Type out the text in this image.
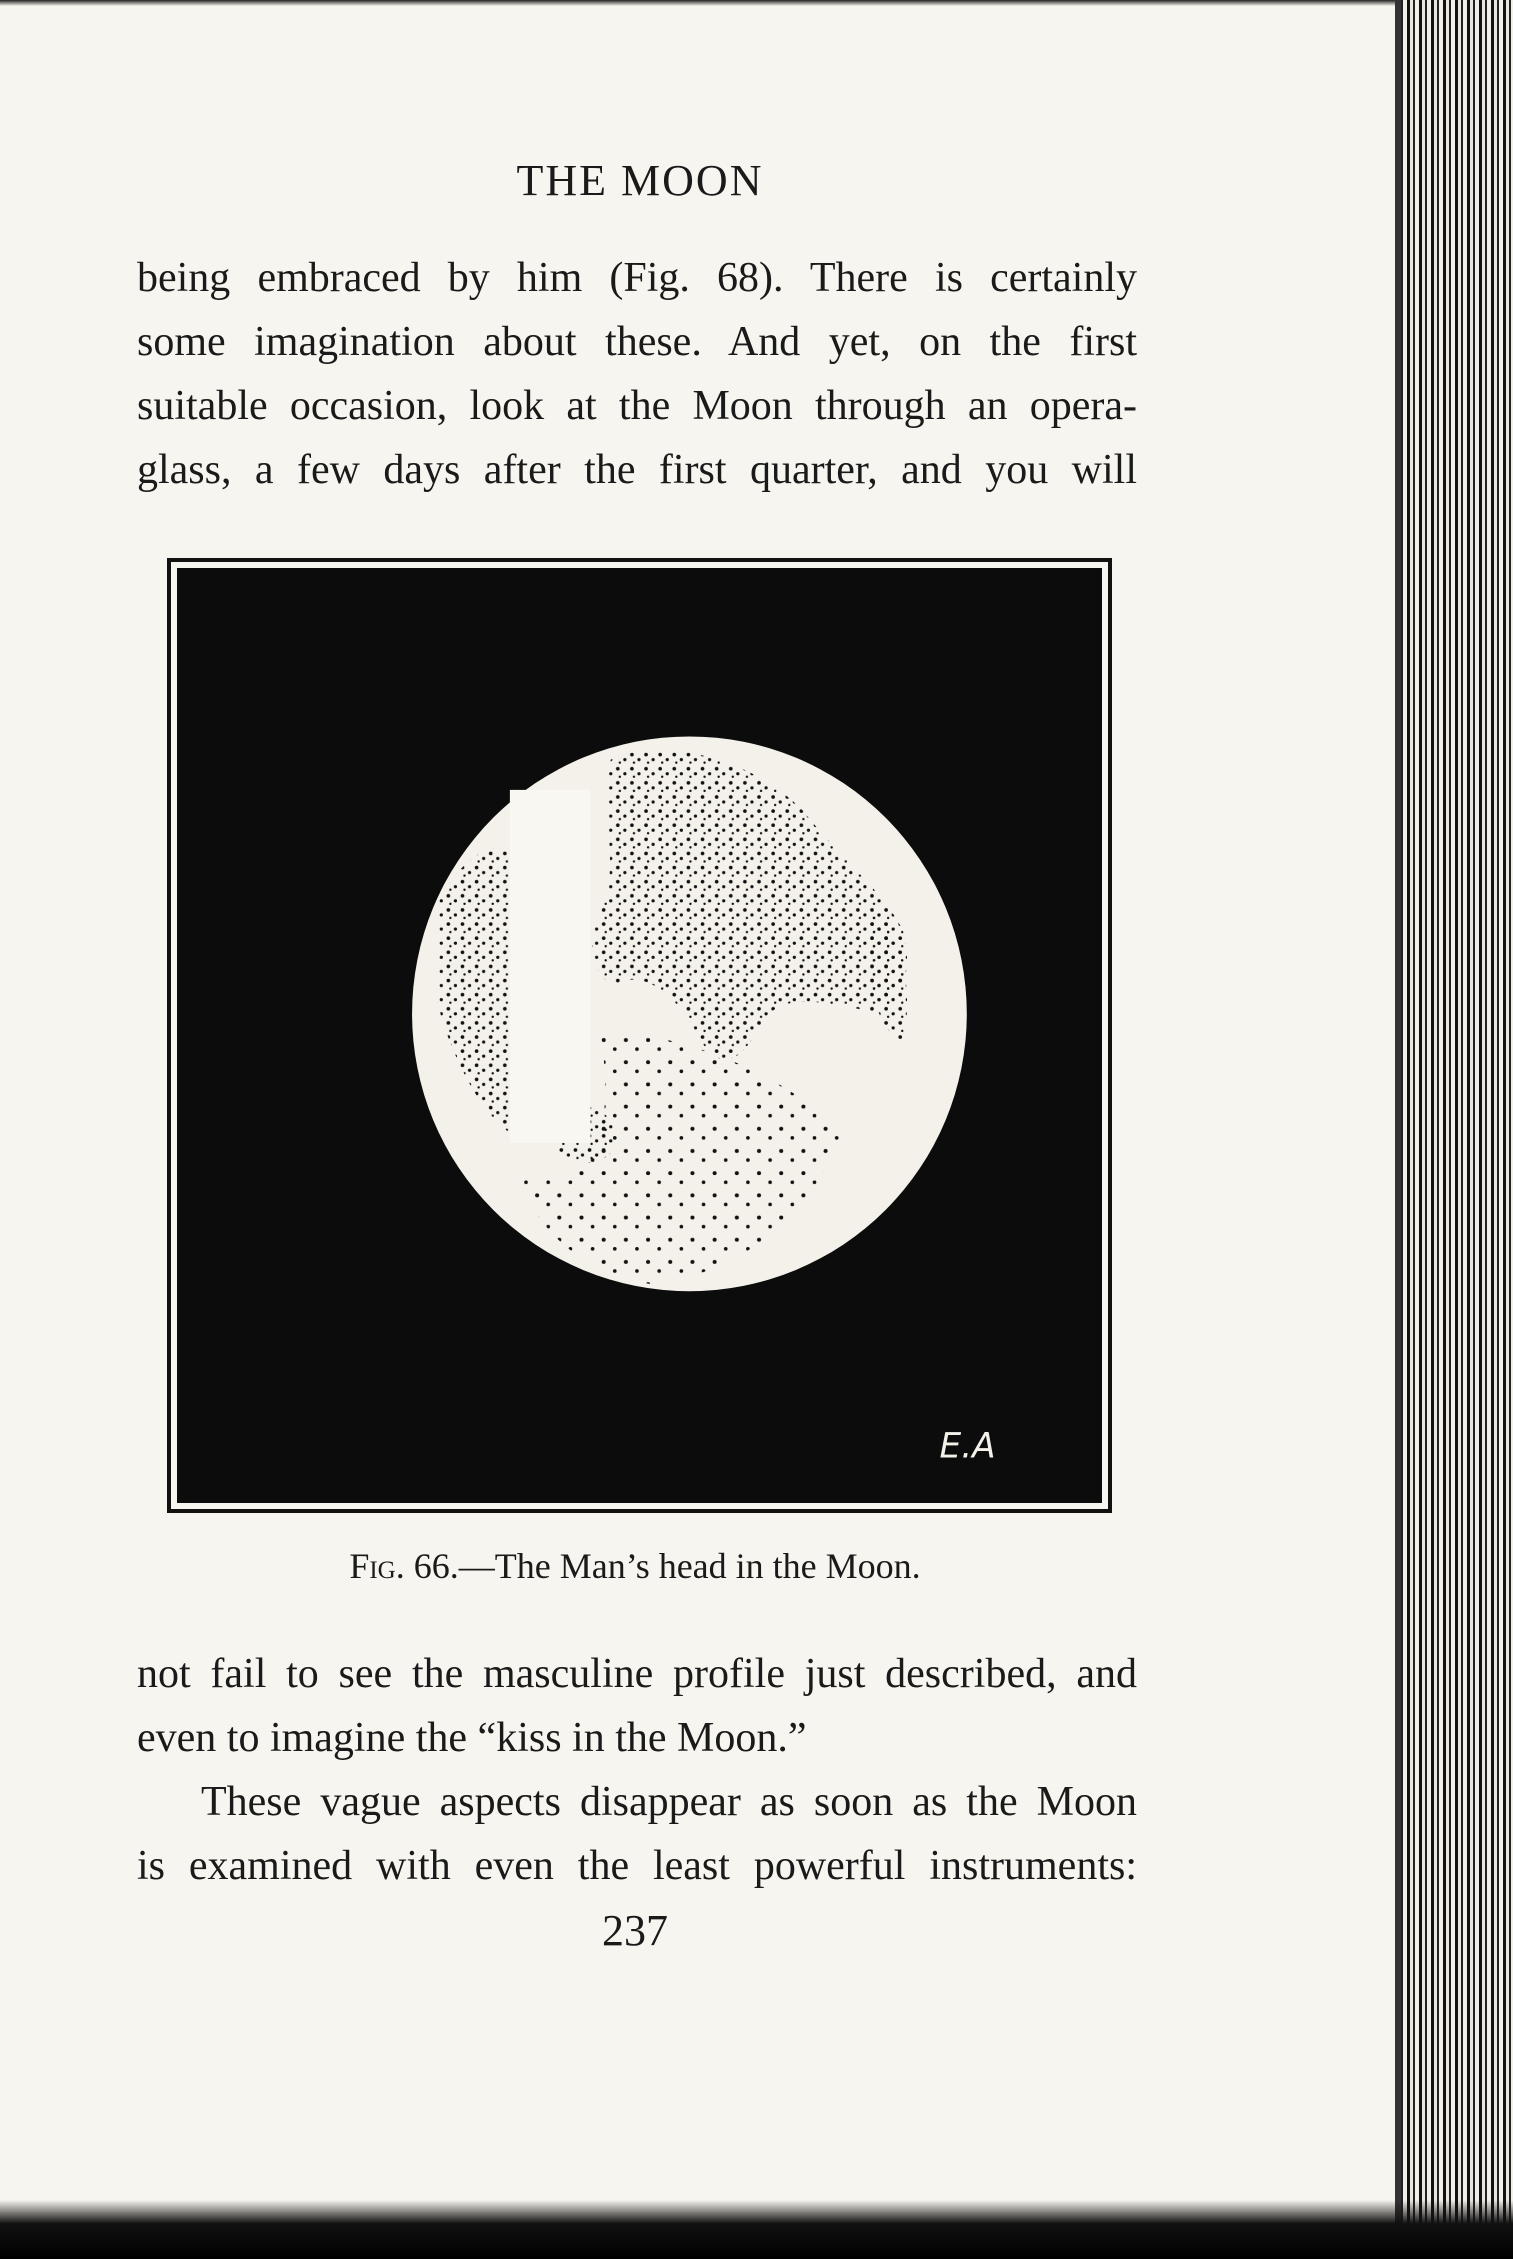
THE MOON
being embraced by him (Fig. 68). There is certainly
some imagination about these. And yet, on the first
suitable occasion, look at the Moon through an opera-
glass, a few days after the first quarter, and you will
E.A
Fig. 66.—The Man’s head in the Moon.
not fail to see the masculine profile just described, and
even to imagine the “kiss in the Moon.”
These vague aspects disappear as soon as the Moon
is examined with even the least powerful instruments:
237
